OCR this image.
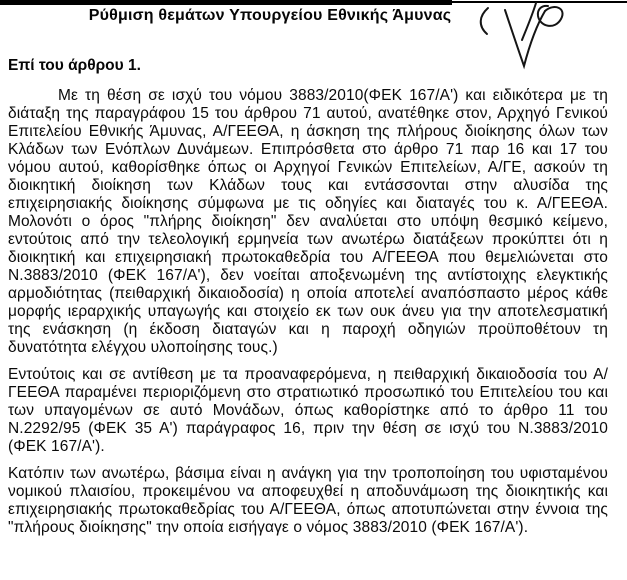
Ρύθμιση θεμάτων Υπουργείου Εθνικής Άμυνας
Επί του άρθρου 1.

Με τη θέση σε ισχύ του νόμου 3883/2010(ΦΕΚ 167/Α') και ειδικότερα με τη διάταξη της παραγράφου 15 του άρθρου 71 αυτού, ανατέθηκε στον, Αρχηγό Γενικού Επιτελείου Εθνικής Άμυνας, Α/ΓΕΕΘΑ, η άσκηση της πλήρους διοίκησης όλων των Κλάδων των Ενόπλων Δυνάμεων. Επιπρόσθετα στο άρθρο 71 παρ 16 και 17 του νόμου αυτού, καθορίσθηκε όπως οι Αρχηγοί Γενικών Επιτελείων, Α/ΓΕ, ασκούν τη διοικητική διοίκηση των Κλάδων τους και εντάσσονται στην αλυσίδα της επιχειρησιακής διοίκησης σύμφωνα με τις οδηγίες και διαταγές του κ. Α/ΓΕΕΘΑ. Μολονότι ο όρος "πλήρης διοίκηση" δεν αναλύεται στο υπόψη θεσμικό κείμενο, εντούτοις από την τελεολογική ερμηνεία των ανωτέρω διατάξεων προκύπτει ότι η διοικητική και επιχειρησιακή πρωτοκαθεδρία του Α/ΓΕΕΘΑ που θεμελιώνεται στο Ν.3883/2010 (ΦΕΚ 167/Α'), δεν νοείται αποξενωμένη της αντίστοιχης ελεγκτικής αρμοδιότητας (πειθαρχική δικαιοδοσία) η οποία αποτελεί αναπόσπαστο μέρος κάθε μορφής ιεραρχικής υπαγωγής και στοιχείο εκ των ουκ άνευ για την αποτελεσματική της ενάσκηση (η έκδοση διαταγών και η παροχή οδηγιών προϋποθέτουν τη δυνατότητα ελέγχου υλοποίησης τους.)

Εντούτοις και σε αντίθεση με τα προαναφερόμενα, η πειθαρχική δικαιοδοσία του Α/ΓΕΕΘΑ παραμένει περιοριζόμενη στο στρατιωτικό προσωπικό του Επιτελείου του και των υπαγομένων σε αυτό Μονάδων, όπως καθορίστηκε από το άρθρο 11 του Ν.2292/95 (ΦΕΚ 35 Α') παράγραφος 16, πριν την θέση σε ισχύ του Ν.3883/2010 (ΦΕΚ 167/Α').

Κατόπιν των ανωτέρω, βάσιμα είναι η ανάγκη για την τροποποίηση του υφισταμένου νομικού πλαισίου, προκειμένου να αποφευχθεί η αποδυνάμωση της διοικητικής και επιχειρησιακής πρωτοκαθεδρίας του Α/ΓΕΕΘΑ, όπως αποτυπώνεται στην έννοια της "πλήρους διοίκησης" την οποία εισήγαγε ο νόμος 3883/2010 (ΦΕΚ 167/Α').
